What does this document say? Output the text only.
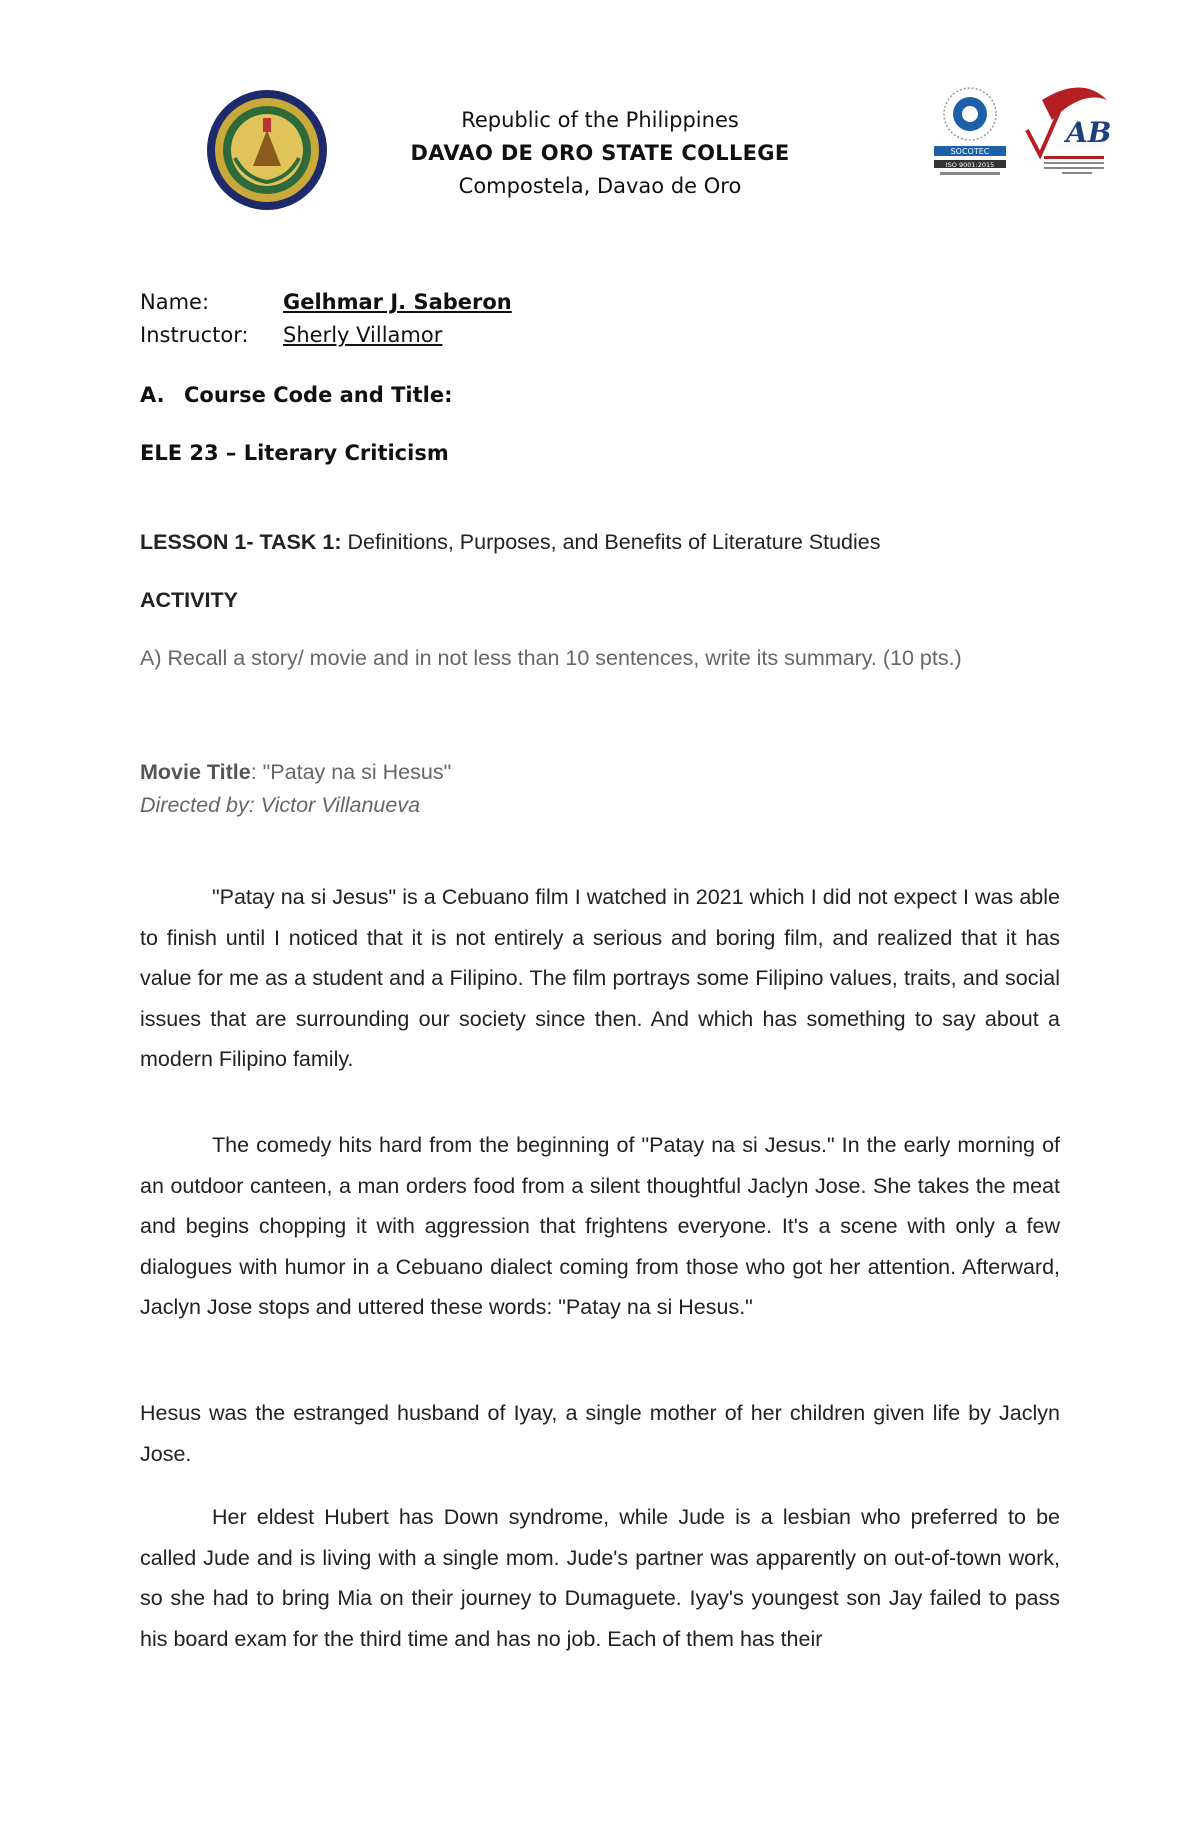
Republic of the Philippines
DAVAO DE ORO STATE COLLEGE
Compostela, Davao de Oro
SOCOTEC
ISO 9001:2015
AB
Name:	Gelhmar J. Saberon
Instructor:	Sherly Villamor
A. Course Code and Title:
ELE 23 – Literary Criticism
LESSON 1- TASK 1: Definitions, Purposes, and Benefits of Literature Studies
ACTIVITY
A) Recall a story/ movie and in not less than 10 sentences, write its summary. (10 pts.)
Movie Title: "Patay na si Hesus"
Directed by: Victor Villanueva

"Patay na si Jesus" is a Cebuano film I watched in 2021 which I did not expect I was able to finish until I noticed that it is not entirely a serious and boring film, and realized that it has value for me as a student and a Filipino. The film portrays some Filipino values, traits, and social issues that are surrounding our society since then. And which has something to say about a modern Filipino family.

The comedy hits hard from the beginning of "Patay na si Jesus." In the early morning of an outdoor canteen, a man orders food from a silent thoughtful Jaclyn Jose. She takes the meat and begins chopping it with aggression that frightens everyone. It's a scene with only a few dialogues with humor in a Cebuano dialect coming from those who got her attention. Afterward, Jaclyn Jose stops and uttered these words: "Patay na si Hesus."

Hesus was the estranged husband of Iyay, a single mother of her children given life by Jaclyn Jose.

Her eldest Hubert has Down syndrome, while Jude is a lesbian who preferred to be called Jude and is living with a single mom. Jude's partner was apparently on out-of-town work, so she had to bring Mia on their journey to Dumaguete. Iyay's youngest son Jay failed to pass his board exam for the third time and has no job. Each of them has their
